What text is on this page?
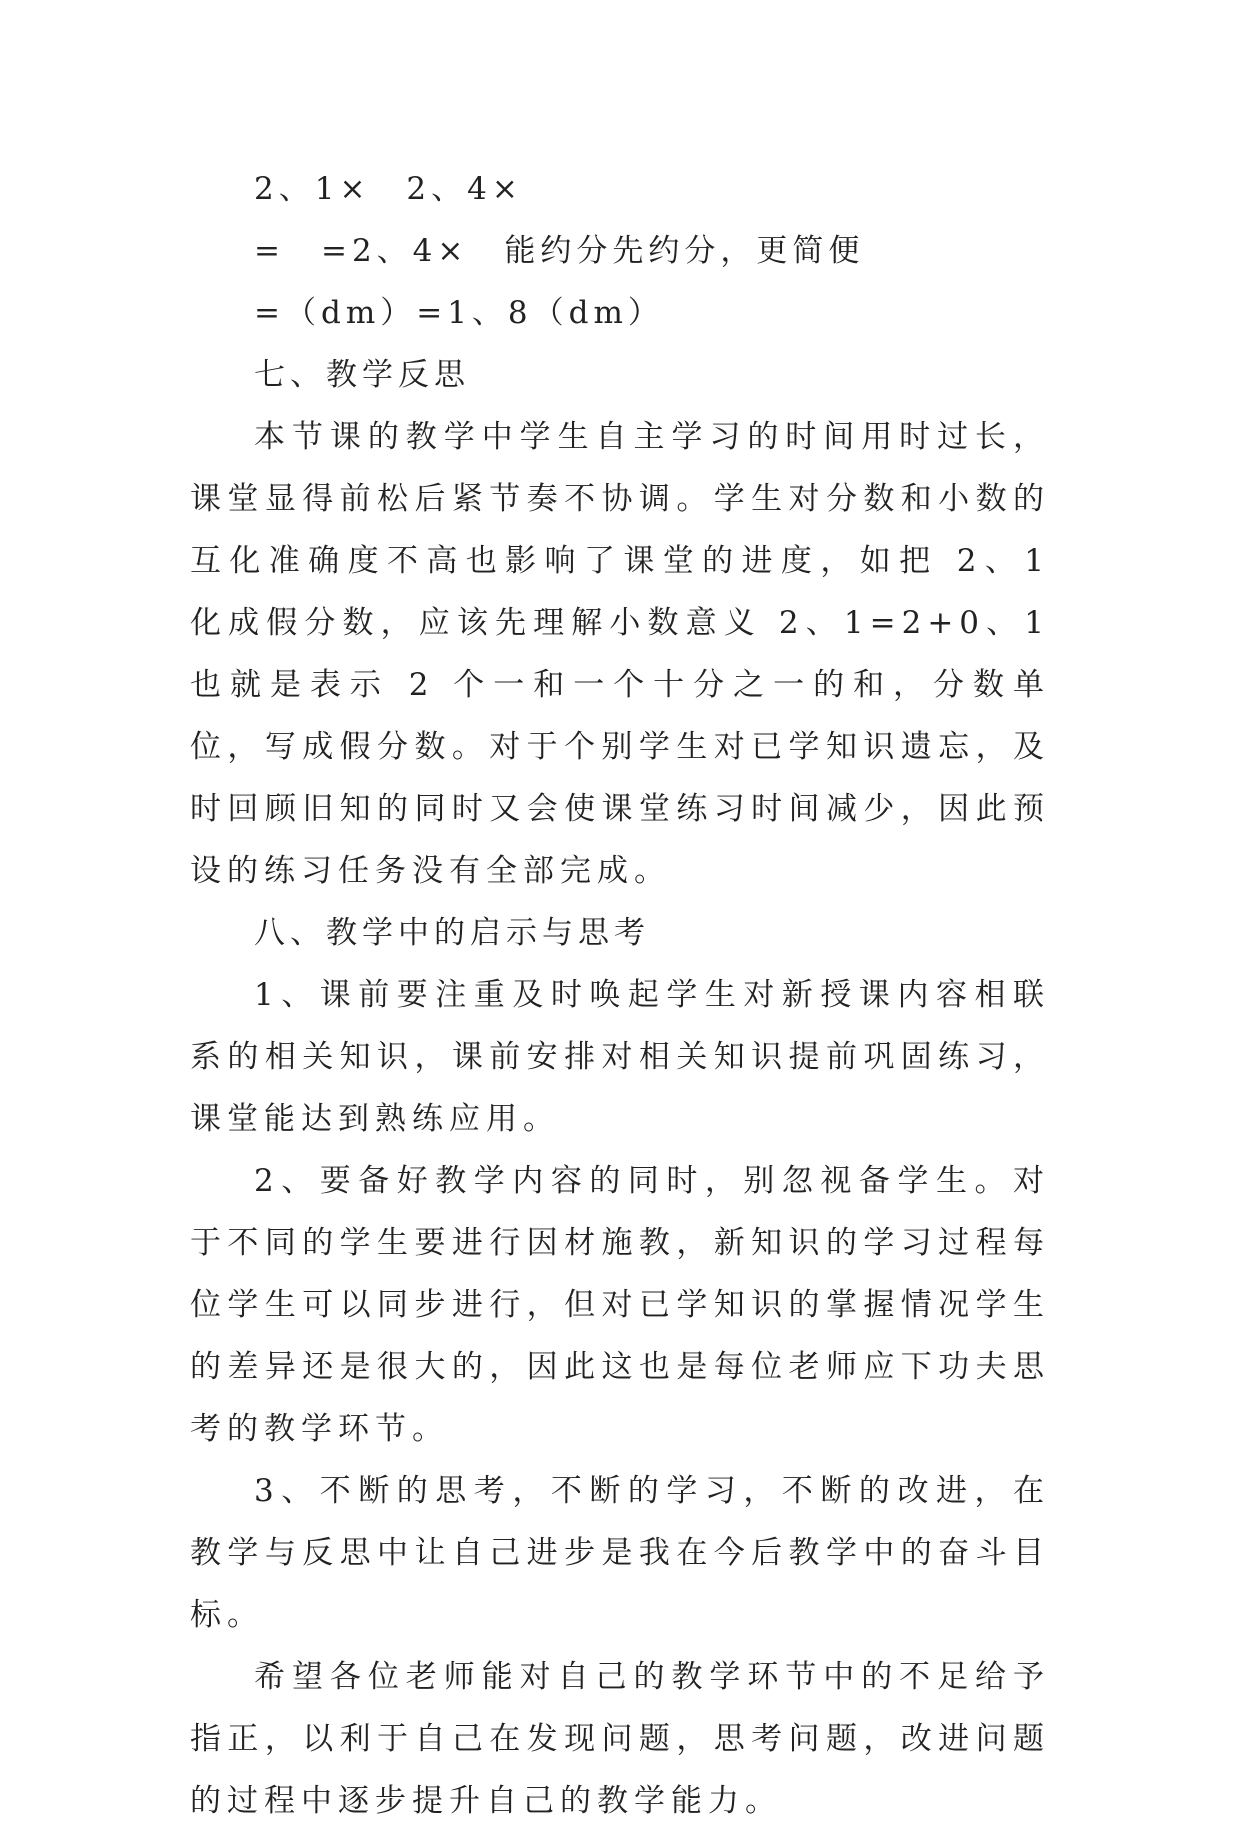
2、1×　2、4×
=　=2、4×　能约分先约分，更简便
=（dm）=1、8（dm）
七、教学反思
本节课的教学中学生自主学习的时间用时过长，课堂显得前松后紧节奏不协调。学生对分数和小数的互化准确度不高也影响了课堂的进度，如把 2、1 化成假分数，应该先理解小数意义 2、1=2+0、1 也就是表示 2 个一和一个十分之一的和，分数单位，写成假分数。对于个别学生对已学知识遗忘，及时回顾旧知的同时又会使课堂练习时间减少，因此预设的练习任务没有全部完成。
八、教学中的启示与思考
1、课前要注重及时唤起学生对新授课内容相联系的相关知识，课前安排对相关知识提前巩固练习，课堂能达到熟练应用。
2、要备好教学内容的同时，别忽视备学生。对于不同的学生要进行因材施教，新知识的学习过程每位学生可以同步进行，但对已学知识的掌握情况学生的差异还是很大的，因此这也是每位老师应下功夫思考的教学环节。
3、不断的思考，不断的学习，不断的改进，在教学与反思中让自己进步是我在今后教学中的奋斗目标。
希望各位老师能对自己的教学环节中的不足给予指正，以利于自己在发现问题，思考问题，改进问题的过程中逐步提升自己的教学能力。
